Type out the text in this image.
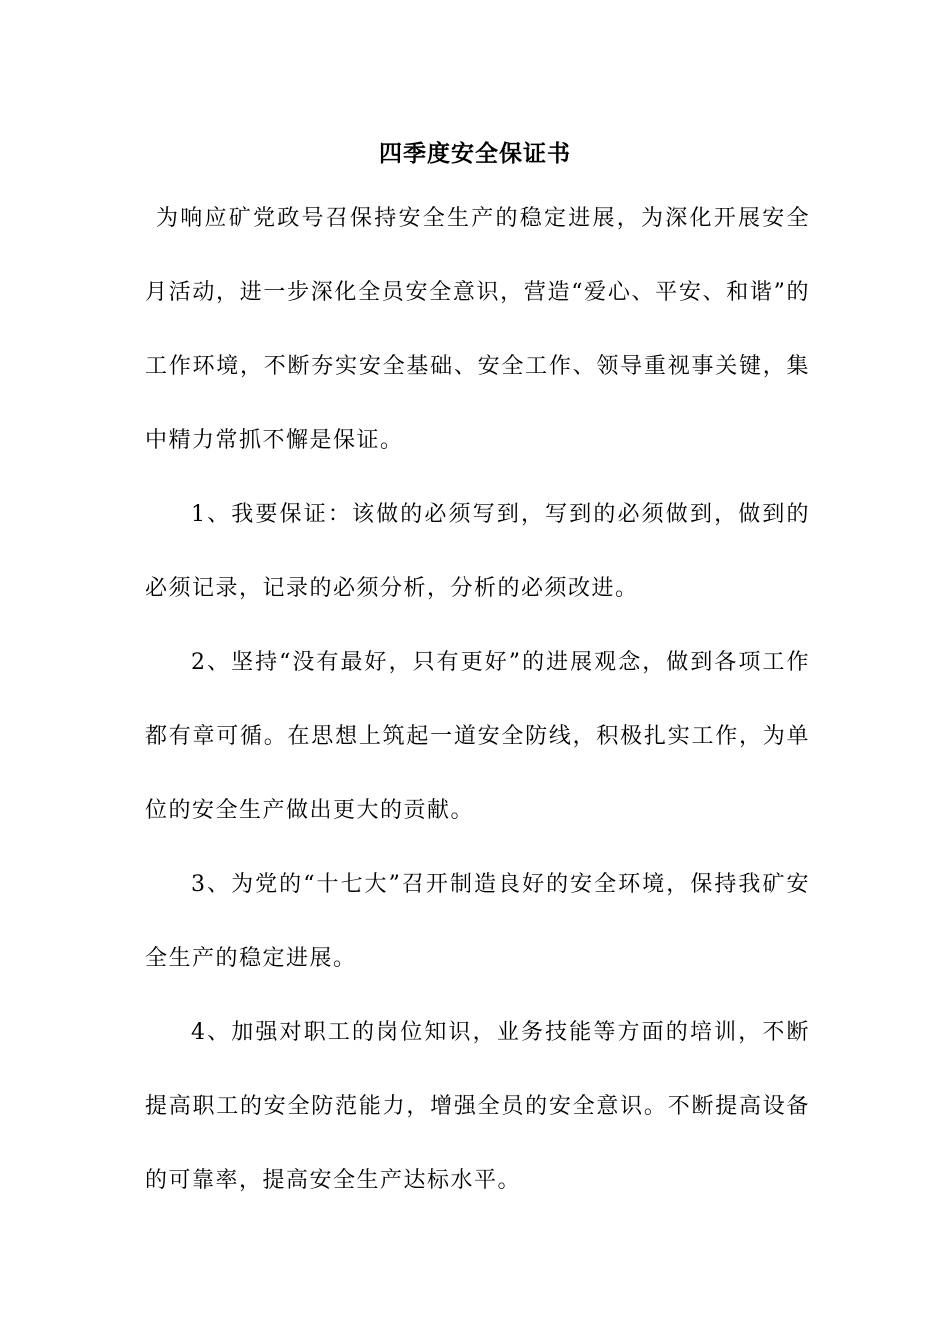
四季度安全保证书

为响应矿党政号召保持安全生产的稳定进展，为深化开展安全月活动，进一步深化全员安全意识，营造“爱心、平安、和谐”的工作环境，不断夯实安全基础、安全工作、领导重视事关键，集中精力常抓不懈是保证。

1、我要保证：该做的必须写到，写到的必须做到，做到的必须记录，记录的必须分析，分析的必须改进。

2、坚持“没有最好，只有更好”的进展观念，做到各项工作都有章可循。在思想上筑起一道安全防线，积极扎实工作，为单位的安全生产做出更大的贡献。

3、为党的“十七大”召开制造良好的安全环境，保持我矿安全生产的稳定进展。

4、加强对职工的岗位知识，业务技能等方面的培训，不断提高职工的安全防范能力，增强全员的安全意识。不断提高设备的可靠率，提高安全生产达标水平。
